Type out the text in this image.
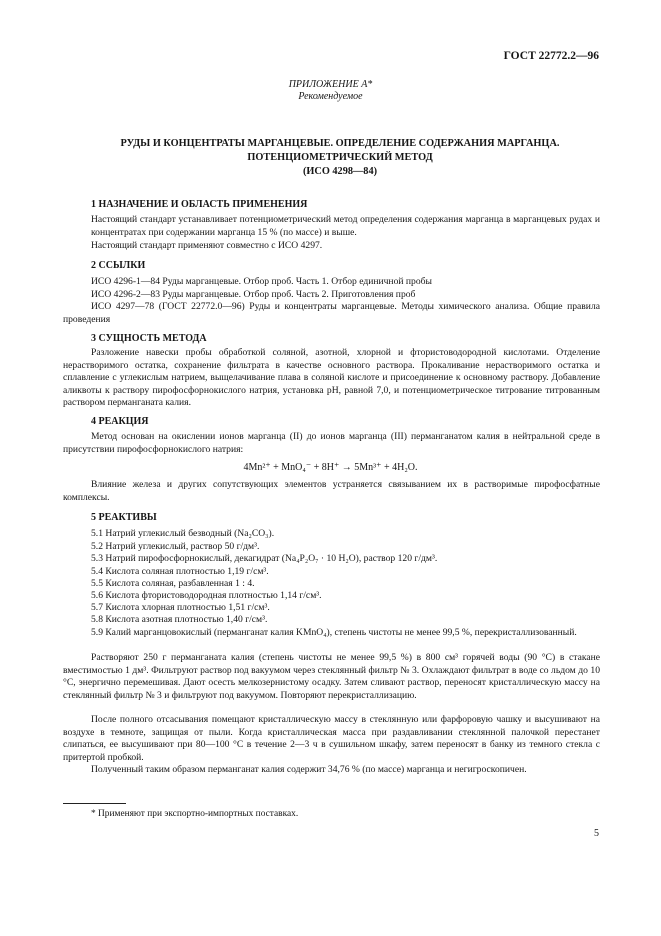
ГОСТ 22772.2—96
ПРИЛОЖЕНИЕ А*
Рекомендуемое
РУДЫ И КОНЦЕНТРАТЫ МАРГАНЦЕВЫЕ. ОПРЕДЕЛЕНИЕ СОДЕРЖАНИЯ МАРГАНЦА.
ПОТЕНЦИОМЕТРИЧЕСКИЙ МЕТОД
(ИСО 4298—84)
1 НАЗНАЧЕНИЕ И ОБЛАСТЬ ПРИМЕНЕНИЯ
Настоящий стандарт устанавливает потенциометрический метод определения содержания марганца в марганцевых рудах и концентратах при содержании марганца 15 % (по массе) и выше.
Настоящий стандарт применяют совместно с ИСО 4297.
2 ССЫЛКИ
ИСО 4296-1—84 Руды марганцевые. Отбор проб. Часть 1. Отбор единичной пробы
ИСО 4296-2—83 Руды марганцевые. Отбор проб. Часть 2. Приготовления проб
ИСО 4297—78 (ГОСТ 22772.0—96) Руды и концентраты марганцевые. Методы химического анализа. Общие правила проведения
3 СУЩНОСТЬ МЕТОДА
Разложение навески пробы обработкой соляной, азотной, хлорной и фтористоводородной кислотами. Отделение нерастворимого остатка, сохранение фильтрата в качестве основного раствора. Прокаливание нерастворимого остатка и сплавление с углекислым натрием, выщелачивание плава в соляной кислоте и присоединение к основному раствору. Добавление аликвоты к раствору пирофосфорнокислого натрия, установка pH, равной 7,0, и потенциометрическое титрование титрованным раствором перманганата калия.
4 РЕАКЦИЯ
Метод основан на окислении ионов марганца (II) до ионов марганца (III) перманганатом калия в нейтральной среде в присутствии пирофосфорнокислого натрия:
4Mn²⁺ + MnO₄⁻ + 8H⁺ → 5Mn³⁺ + 4H₂O.
Влияние железа и других сопутствующих элементов устраняется связыванием их в растворимые пирофосфатные комплексы.
5 РЕАКТИВЫ
5.1 Натрий углекислый безводный (Na₂CO₃).
5.2 Натрий углекислый, раствор 50 г/дм³.
5.3 Натрий пирофосфорнокислый, декагидрат (Na₄P₂O₇ · 10 H₂O), раствор 120 г/дм³.
5.4 Кислота соляная плотностью 1,19 г/см³.
5.5 Кислота соляная, разбавленная 1 : 4.
5.6 Кислота фтористоводородная плотностью 1,14 г/см³.
5.7 Кислота хлорная плотностью 1,51 г/см³.
5.8 Кислота азотная плотностью 1,40 г/см³.
5.9 Калий марганцовокислый (перманганат калия KMnO₄), степень чистоты не менее 99,5 %, перекристаллизованный.
Растворяют 250 г перманганата калия (степень чистоты не менее 99,5 %) в 800 см³ горячей воды (90 °С) в стакане вместимостью 1 дм³. Фильтруют раствор под вакуумом через стеклянный фильтр № 3. Охлаждают фильтрат в воде со льдом до 10 °С, энергично перемешивая. Дают осесть мелкозернистому осадку. Затем сливают раствор, переносят кристаллическую массу на стеклянный фильтр № 3 и фильтруют под вакуумом. Повторяют перекристаллизацию.
После полного отсасывания помещают кристаллическую массу в стеклянную или фарфоровую чашку и высушивают на воздухе в темноте, защищая от пыли. Когда кристаллическая масса при раздавливании стеклянной палочкой перестанет слипаться, ее высушивают при 80—100 °С в течение 2—3 ч в сушильном шкафу, затем переносят в банку из темного стекла с притертой пробкой.
Полученный таким образом перманганат калия содержит 34,76 % (по массе) марганца и негигроскопичен.
* Применяют при экспортно-импортных поставках.
5
